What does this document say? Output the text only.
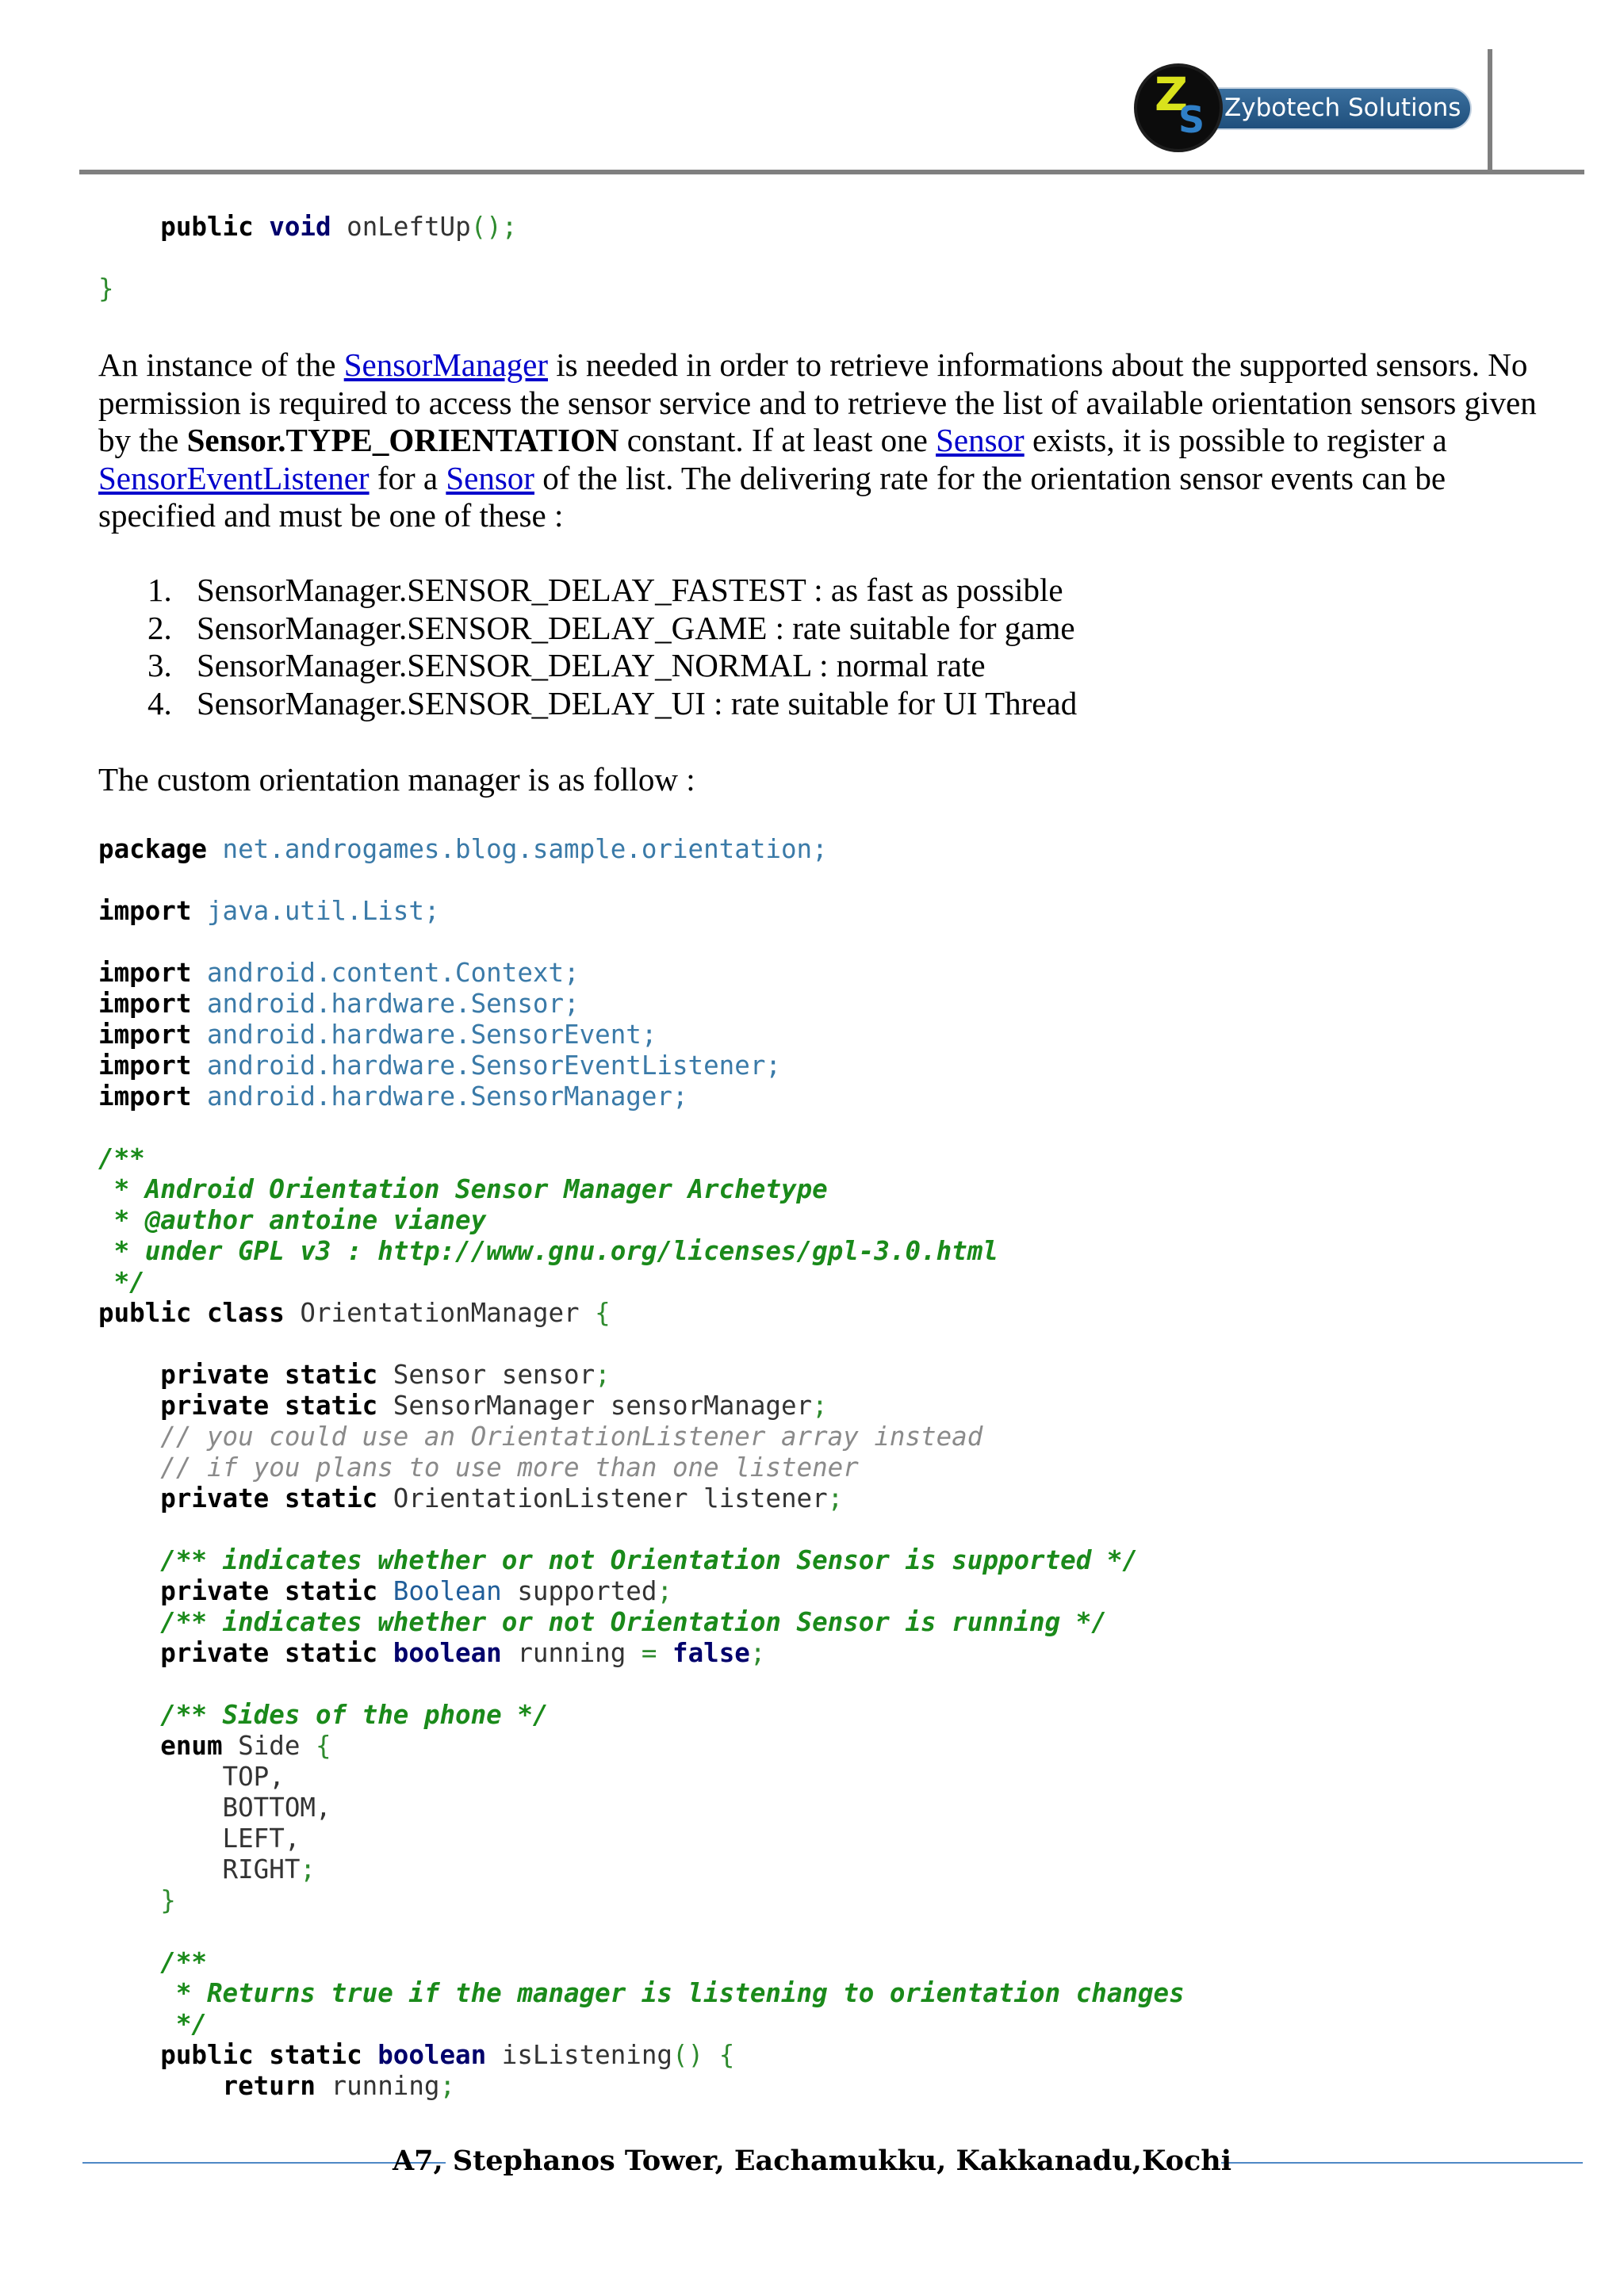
Zybotech Solutions
Z
S
public void onLeftUp();

}

An instance of the SensorManager is needed in order to retrieve informations about the supported sensors. No permission is required to access the sensor service and to retrieve the list of available orientation sensors given by the Sensor.TYPE_ORIENTATION constant. If at least one Sensor exists, it is possible to register a SensorEventListener for a Sensor of the list. The delivering rate for the orientation sensor events can be specified and must be one of these :

1. SensorManager.SENSOR_DELAY_FASTEST : as fast as possible
2. SensorManager.SENSOR_DELAY_GAME : rate suitable for game
3. SensorManager.SENSOR_DELAY_NORMAL : normal rate
4. SensorManager.SENSOR_DELAY_UI : rate suitable for UI Thread

The custom orientation manager is as follow :

package net.androgames.blog.sample.orientation;

import java.util.List;

import android.content.Context;
import android.hardware.Sensor;
import android.hardware.SensorEvent;
import android.hardware.SensorEventListener;
import android.hardware.SensorManager;

/**
* Android Orientation Sensor Manager Archetype
* @author antoine vianey
* under GPL v3 : http://www.gnu.org/licenses/gpl-3.0.html
*/
public class OrientationManager {

private static Sensor sensor;
private static SensorManager sensorManager;
// you could use an OrientationListener array instead
// if you plans to use more than one listener
private static OrientationListener listener;

/** indicates whether or not Orientation Sensor is supported */
private static Boolean supported;
/** indicates whether or not Orientation Sensor is running */
private static boolean running = false;

/** Sides of the phone */
enum Side {
TOP,
BOTTOM,
LEFT,
RIGHT;
}

/**
* Returns true if the manager is listening to orientation changes
*/
public static boolean isListening() {
return running;
A7, Stephanos Tower, Eachamukku, Kakkanadu,Kochi
